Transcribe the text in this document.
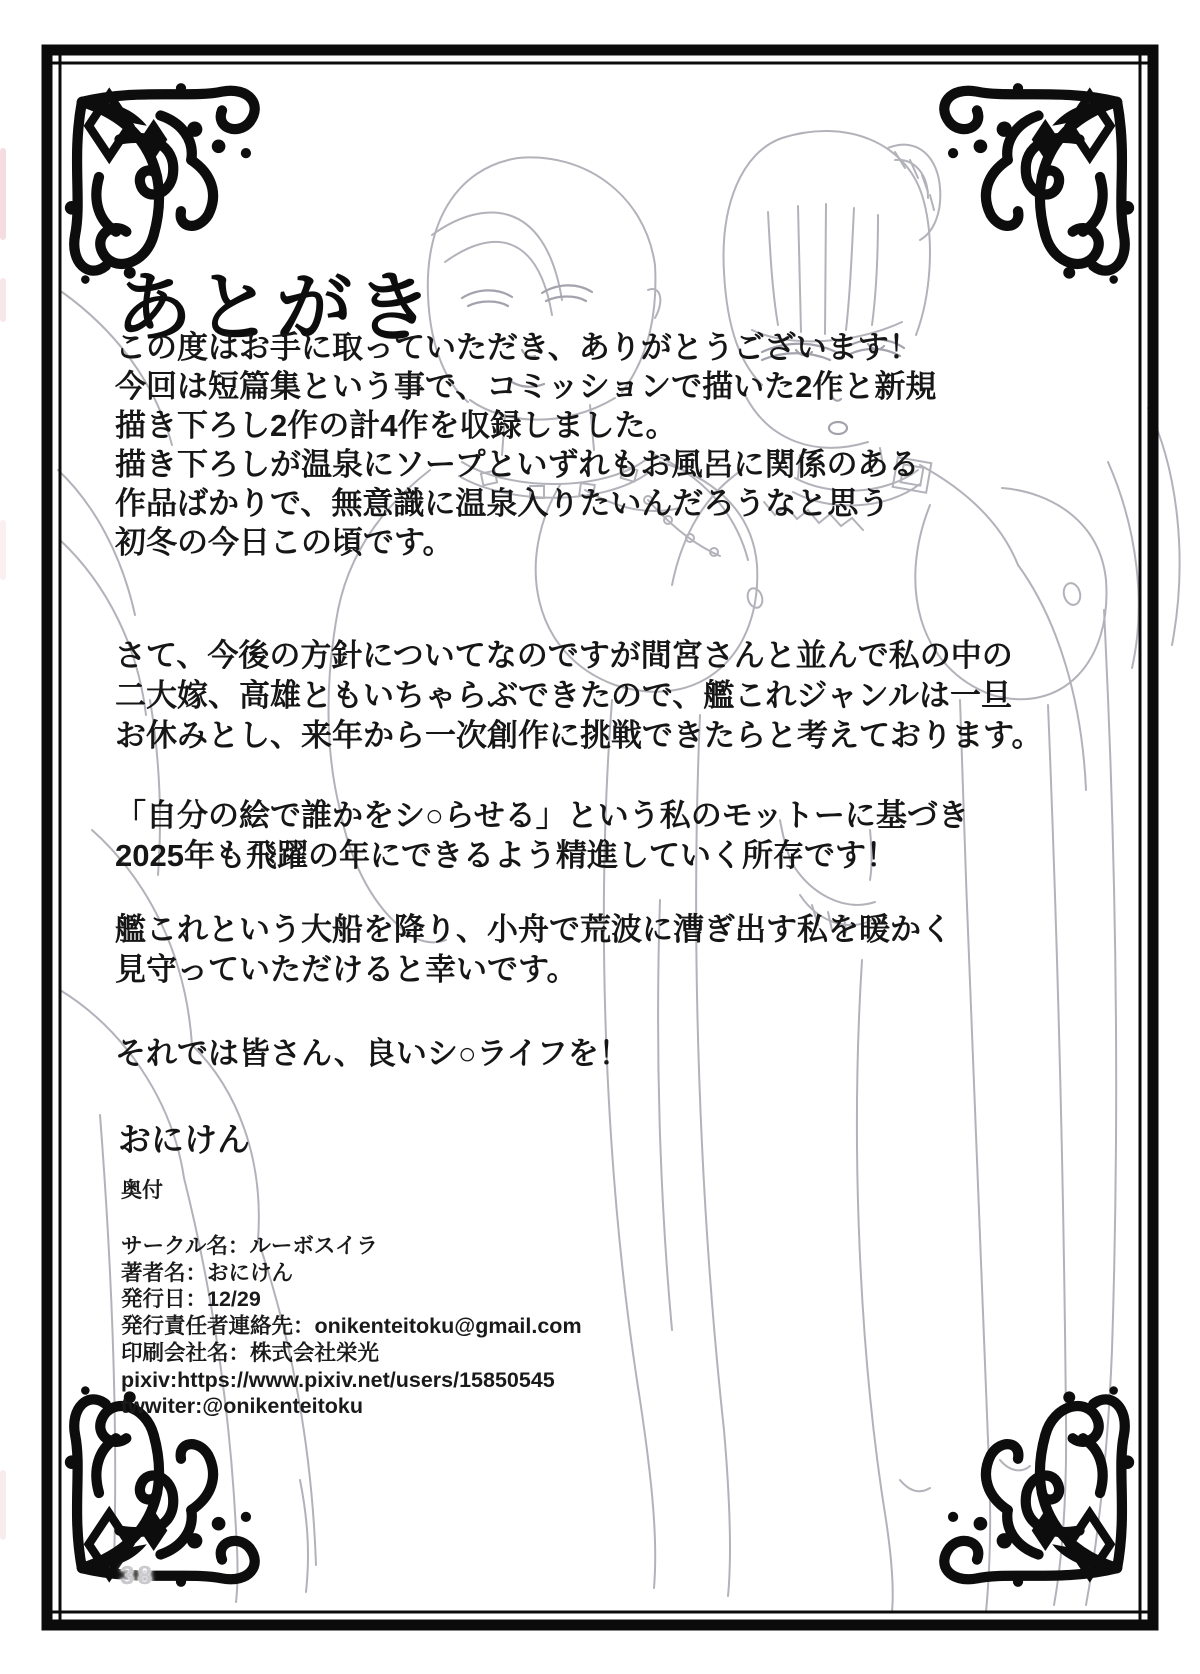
あとがき
この度はお手に取っていただき、ありがとうございます！
今回は短篇集という事で、コミッションで描いた2作と新規
描き下ろし2作の計4作を収録しました。
描き下ろしが温泉にソープといずれもお風呂に関係のある
作品ばかりで、無意識に温泉入りたいんだろうなと思う
初冬の今日この頃です。
さて、今後の方針についてなのですが間宮さんと並んで私の中の
二大嫁、高雄ともいちゃらぶできたので、艦これジャンルは一旦
お休みとし、来年から一次創作に挑戦できたらと考えております。
「自分の絵で誰かをシ○らせる」という私のモットーに基づき
2025年も飛躍の年にできるよう精進していく所存です！
艦これという大船を降り、小舟で荒波に漕ぎ出す私を暖かく
見守っていただけると幸いです。
それでは皆さん、良いシ○ライフを！
おにけん
奥付
サークル名：ルーボスイラ
著者名：おにけん
発行日：12/29
発行責任者連絡先：onikenteitoku@gmail.com
印刷会社名：株式会社栄光
pixiv:https://www.pixiv.net/users/15850545
twwiter:@onikenteitoku
38
